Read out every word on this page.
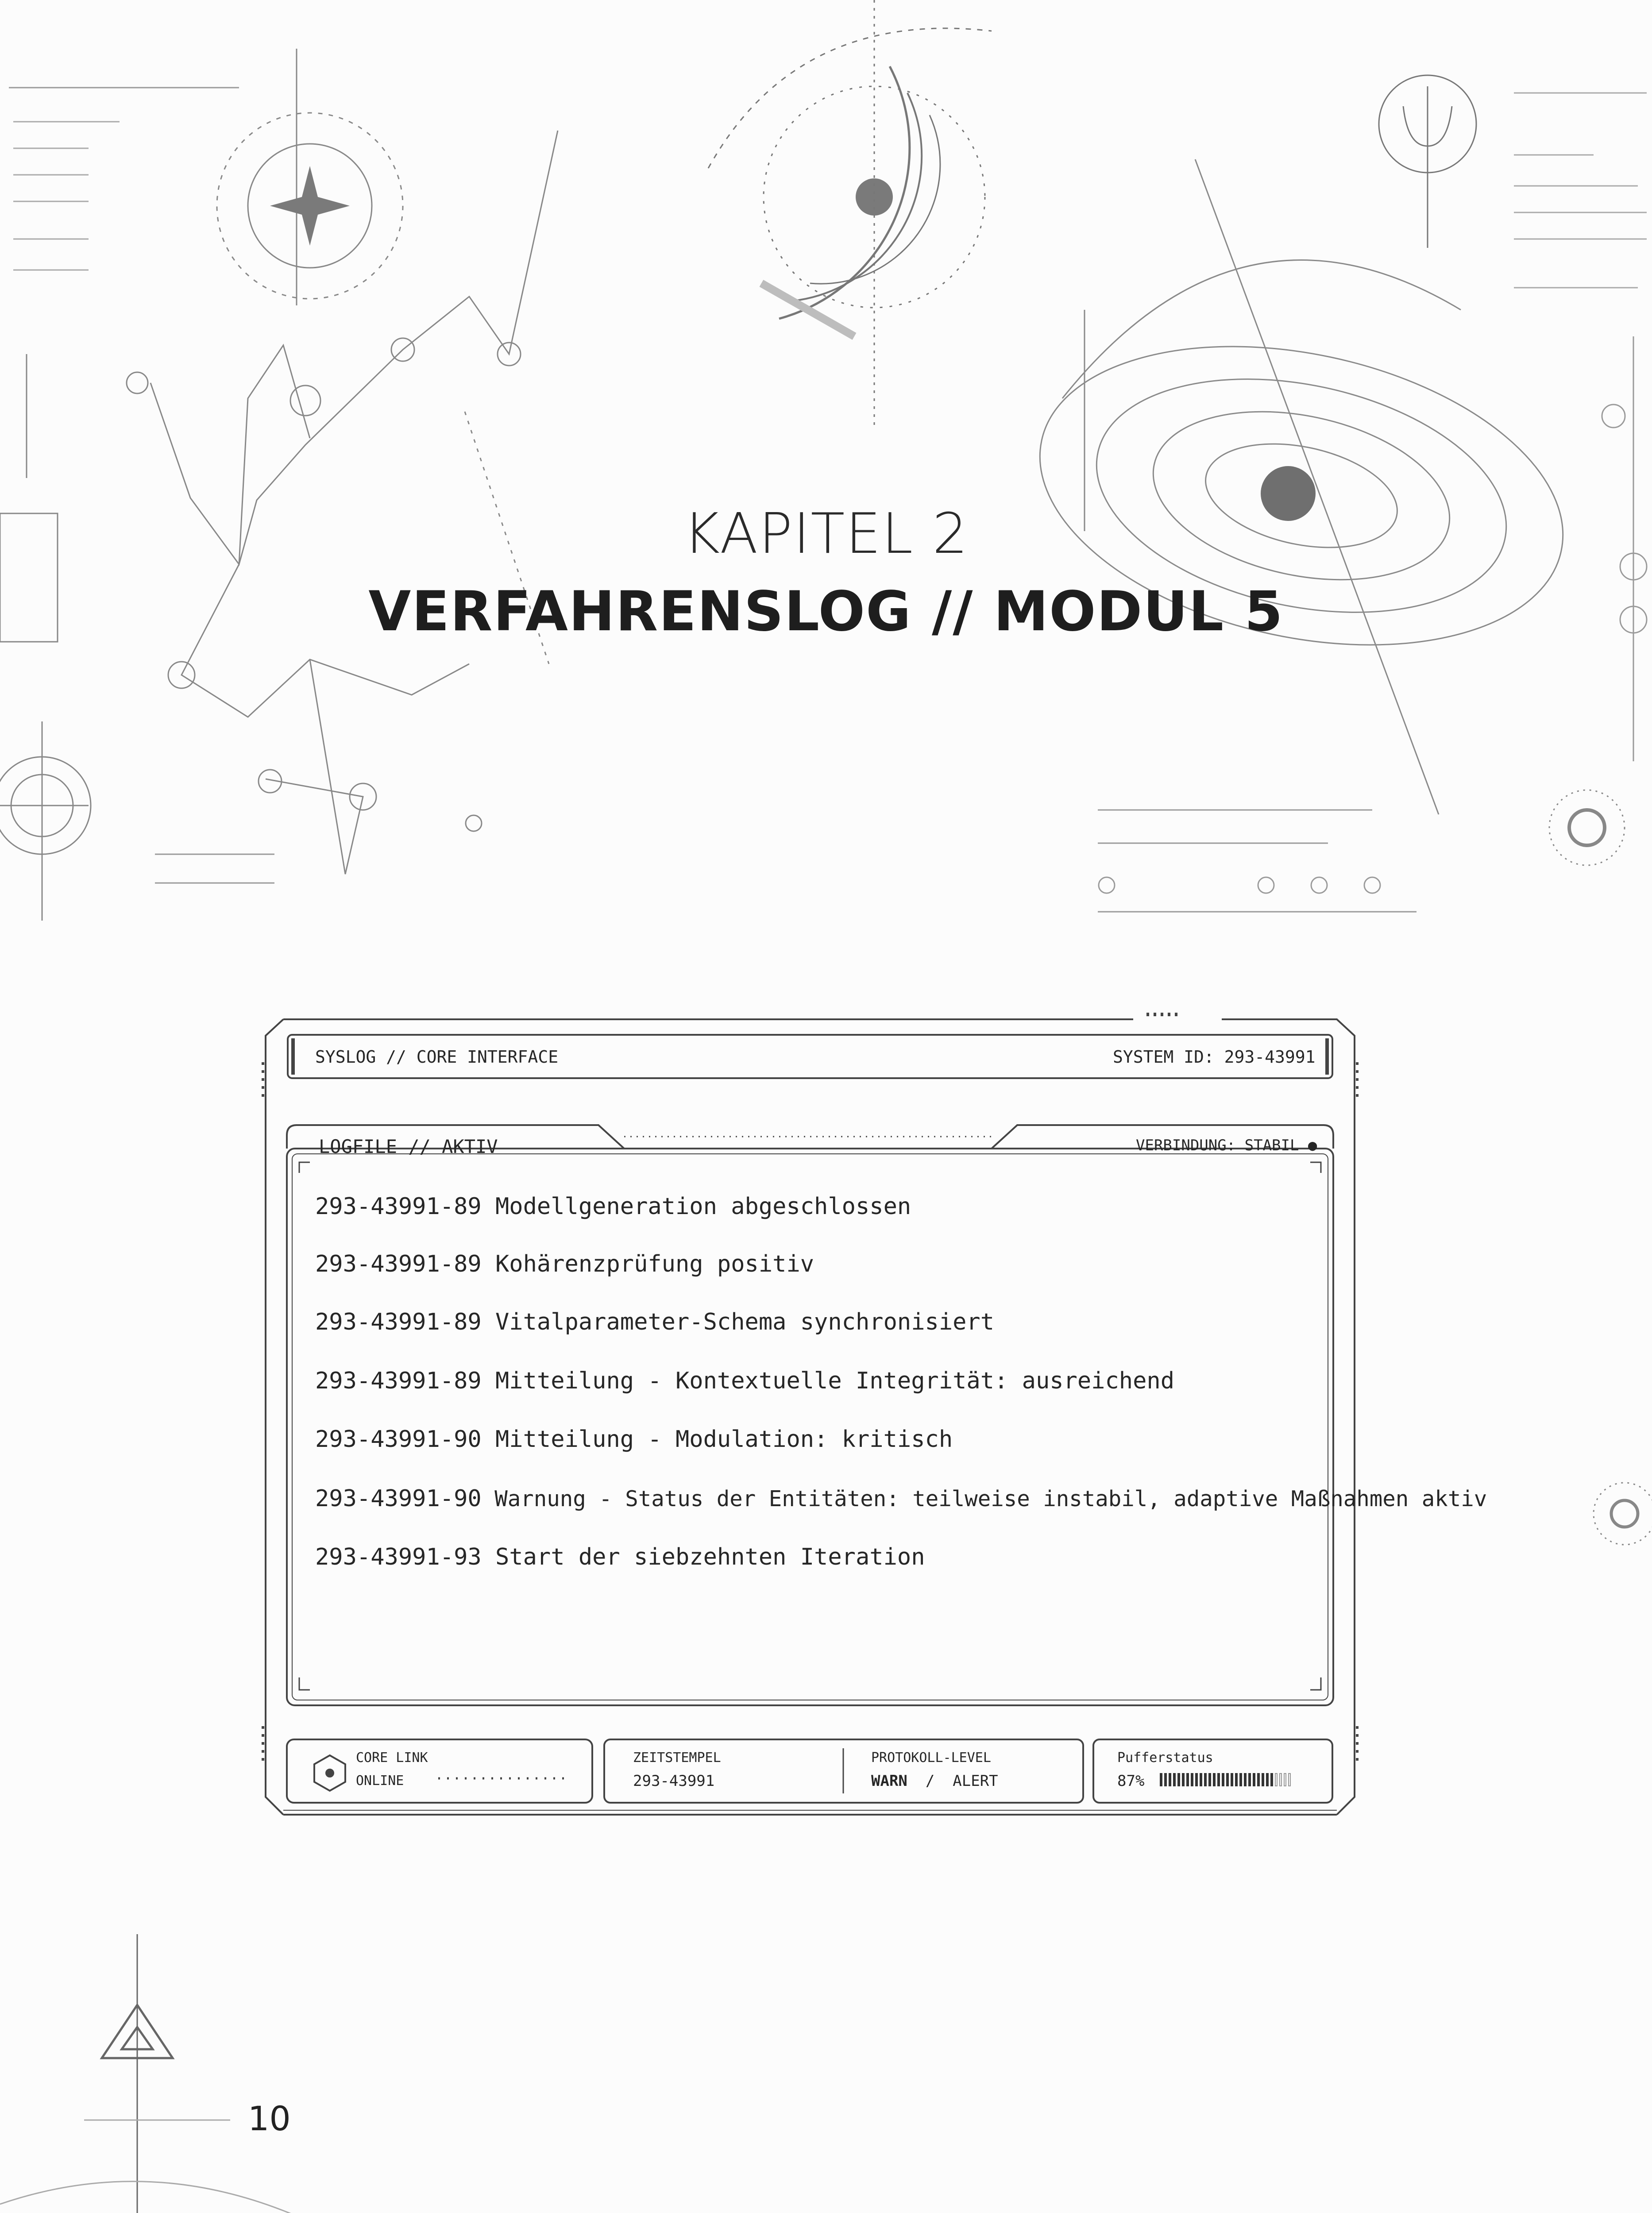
KAPITEL 2
VERFAHRENSLOG // MODUL 5
SYSLOG // CORE INTERFACE	SYSTEM ID: 293-43991
LOGFILE // AKTIV	VERBINDUNG: STABIL ●
293-43991-89 Modellgeneration abgeschlossen
293-43991-89 Kohärenzprüfung positiv
293-43991-89 Vitalparameter-Schema synchronisiert
293-43991-89 Mitteilung - Kontextuelle Integrität: ausreichend
293-43991-90 Mitteilung - Modulation: kritisch
293-43991-90 Warnung - Status der Entitäten: teilweise instabil, adaptive Maßnahmen aktiv
293-43991-93 Start der siebzehnten Iteration
CORE LINK
ONLINE
ZEITSTEMPEL
293-43991
PROTOKOLL-LEVEL
WARN / ALERT
Pufferstatus
87%
10
